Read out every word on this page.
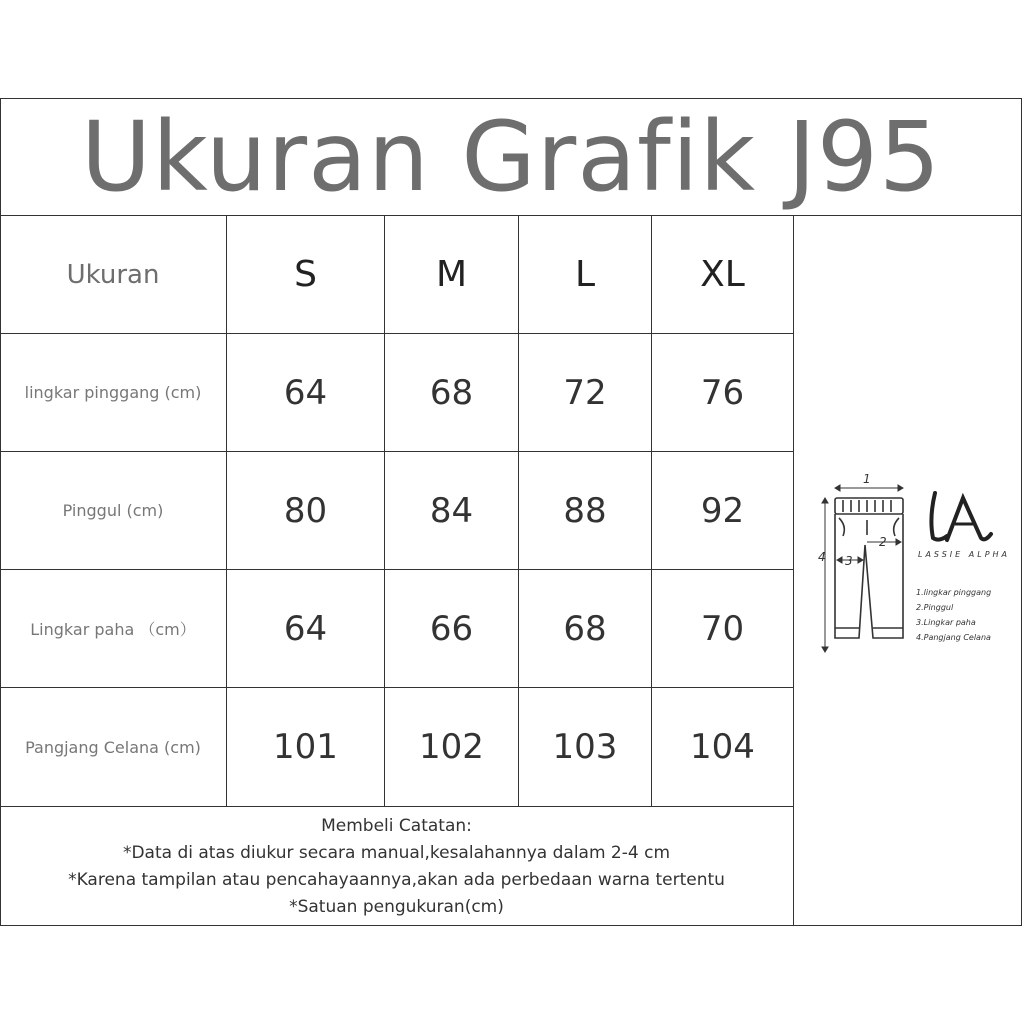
Ukuran Grafik J95
Ukuran	S	M	L	XL
lingkar pinggang (cm)	64	68	72	76
Pinggul (cm)	80	84	88	92
Lingkar paha （cm）	64	66	68	70
Pangjang Celana (cm)	101	102	103	104
Membeli Catatan:
*Data di atas diukur secara manual,kesalahannya dalam 2-4 cm
*Karena tampilan atau pencahayaannya,akan ada perbedaan warna tertentu
*Satuan pengukuran(cm)
1
2
3
4	LASSIE ALPHA
1.lingkar pinggang
2.Pinggul
3.Lingkar paha
4.Pangjang Celana
